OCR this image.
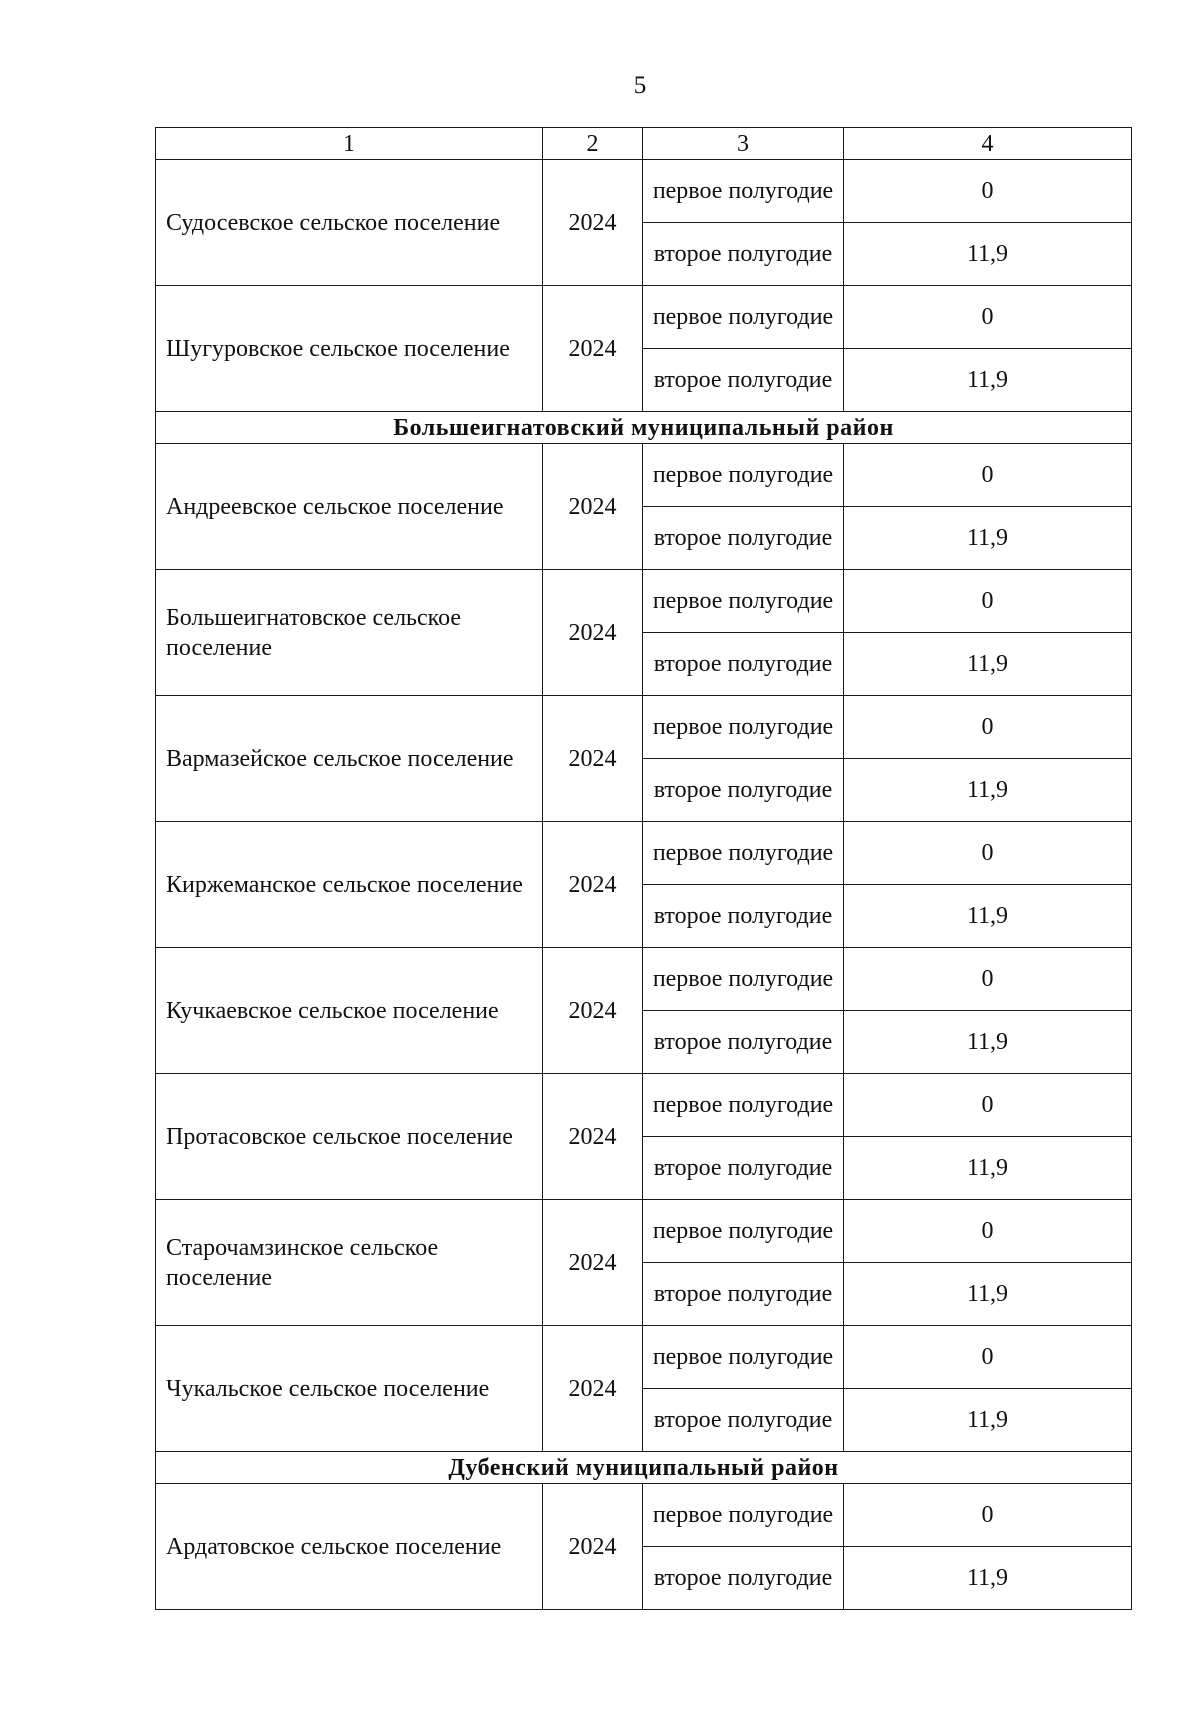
5
1	2	3	4
Судосевское сельское поселение	2024	первое полугодие	0
		второе полугодие	11,9
Шугуровское сельское поселение	2024	первое полугодие	0
		второе полугодие	11,9
Большеигнатовский муниципальный район			
Андреевское сельское поселение	2024	первое полугодие	0
		второе полугодие	11,9
Большеигнатовское сельское поселение	2024	первое полугодие	0
		второе полугодие	11,9
Вармазейское сельское поселение	2024	первое полугодие	0
		второе полугодие	11,9
Киржеманское сельское поселение	2024	первое полугодие	0
		второе полугодие	11,9
Кучкаевское сельское поселение	2024	первое полугодие	0
		второе полугодие	11,9
Протасовское сельское поселение	2024	первое полугодие	0
		второе полугодие	11,9
Старочамзинское сельское поселение	2024	первое полугодие	0
		второе полугодие	11,9
Чукальское сельское поселение	2024	первое полугодие	0
		второе полугодие	11,9
Дубенский муниципальный район			
Ардатовское сельское поселение	2024	первое полугодие	0
		второе полугодие	11,9
